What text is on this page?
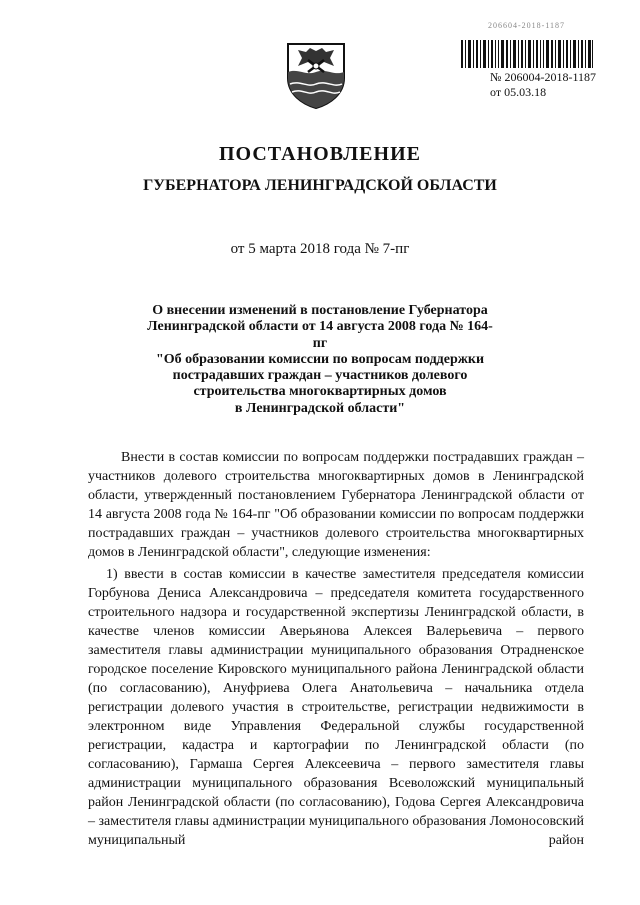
206604-2018-1187
№ 206004-2018-1187
от 05.03.18
ПОСТАНОВЛЕНИЕ
ГУБЕРНАТОРА ЛЕНИНГРАДСКОЙ ОБЛАСТИ
от 5 марта 2018 года № 7-пг
О внесении изменений в постановление Губернатора
Ленинградской области от 14 августа 2008 года № 164-пг
"Об образовании комиссии по вопросам поддержки
пострадавших граждан – участников долевого
строительства многоквартирных домов
в Ленинградской области"

Внести в состав комиссии по вопросам поддержки пострадавших граждан – участников долевого строительства многоквартирных домов в Ленинградской области, утвержденный постановлением Губернатора Ленинградской области от 14 августа 2008 года № 164-пг "Об образовании комиссии по вопросам поддержки пострадавших граждан – участников долевого строительства многоквартирных домов в Ленинградской области", следующие изменения:

1) ввести в состав комиссии в качестве заместителя председателя комиссии Горбунова Дениса Александровича – председателя комитета государственного строительного надзора и государственной экспертизы Ленинградской области, в качестве членов комиссии Аверьянова Алексея Валерьевича – первого заместителя главы администрации муниципального образования Отрадненское городское поселение Кировского муниципального района Ленинградской области (по согласованию), Ануфриева Олега Анатольевича – начальника отдела регистрации долевого участия в строительстве, регистрации недвижимости в электронном виде Управления Федеральной службы государственной регистрации, кадастра и картографии по Ленинградской области (по согласованию), Гармаша Сергея Алексеевича – первого заместителя главы администрации муниципального образования Всеволожский муниципальный район Ленинградской области (по согласованию), Годова Сергея Александровича – заместителя главы администрации муниципального образования Ломоносовский муниципальный район
